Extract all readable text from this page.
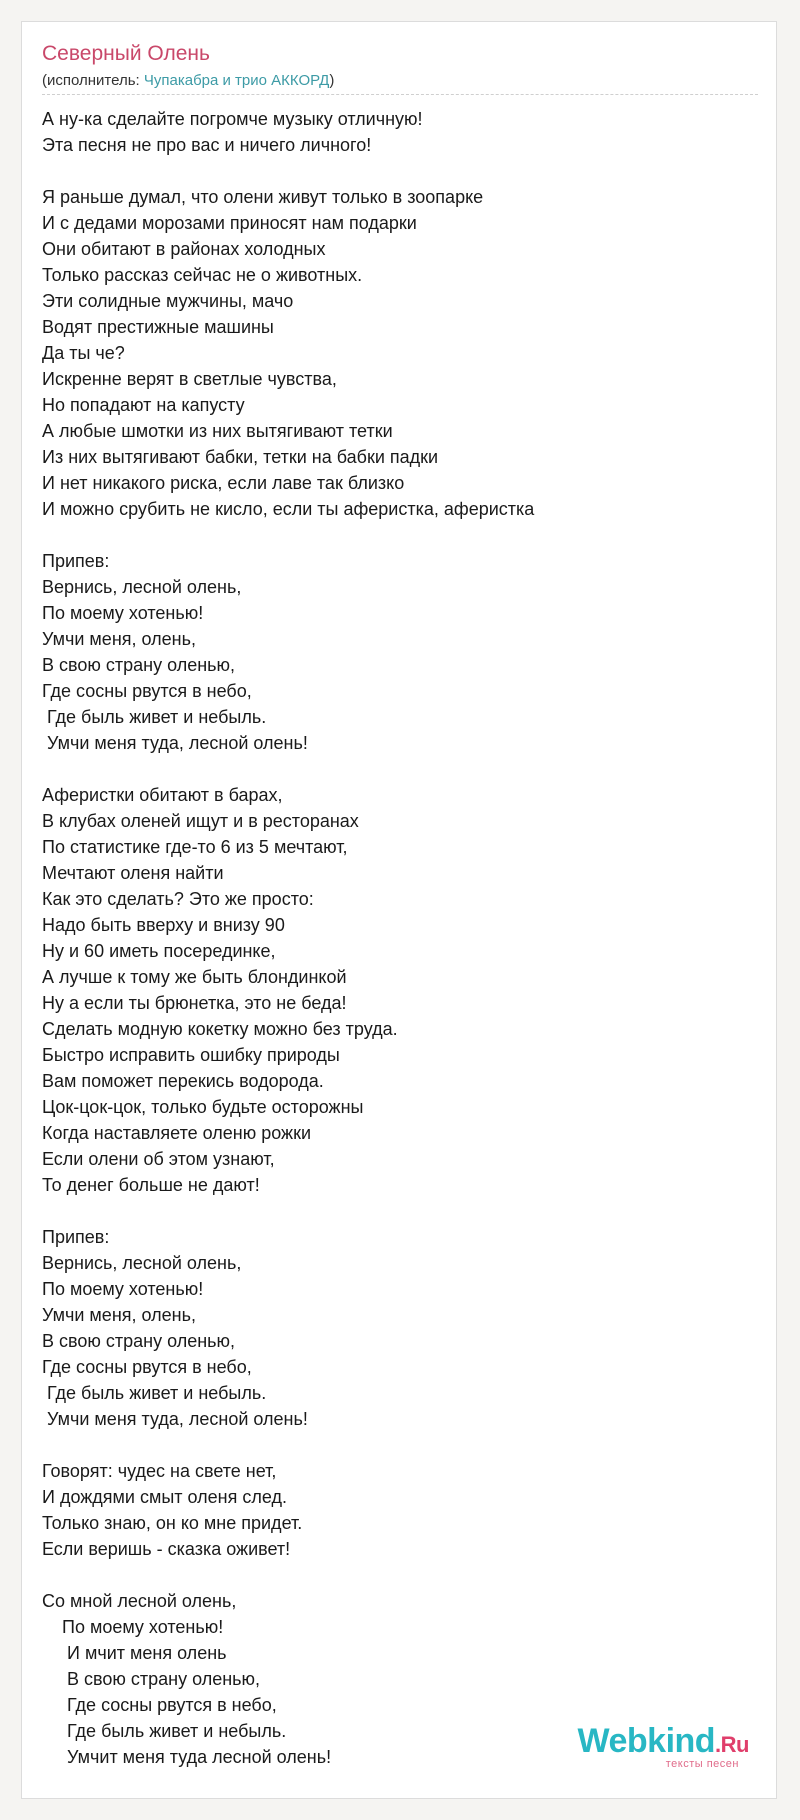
Северный Олень
(исполнитель: Чупакабра и трио АККОРД)
А ну-ка сделайте погромче музыку отличную!
Эта песня не про вас и ничего личного!
Я раньше думал, что олени живут только в зоопарке
И с дедами морозами приносят нам подарки
Они обитают в районах холодных
Только рассказ сейчас не о животных.
Эти солидные мужчины, мачо
Водят престижные машины
Да ты че?
Искренне верят в светлые чувства,
Но попадают на капусту
А любые шмотки из них вытягивают тетки
Из них вытягивают бабки, тетки на бабки падки
И нет никакого риска, если лаве так близко
И можно срубить не кисло, если ты аферистка, аферистка
Припев:
Вернись, лесной олень,
По моему хотенью!
Умчи меня, олень,
В свою страну оленью,
Где сосны рвутся в небо,
Где быль живет и небыль.
Умчи меня туда, лесной олень!
Аферистки обитают в барах,
В клубах оленей ищут и в ресторанах
По статистике где-то 6 из 5 мечтают,
Мечтают оленя найти
Как это сделать? Это же просто:
Надо быть вверху и внизу 90
Ну и 60 иметь посерединке,
А лучше к тому же быть блондинкой
Ну а если ты брюнетка, это не беда!
Сделать модную кокетку можно без труда.
Быстро исправить ошибку природы
Вам поможет перекись водорода.
Цок-цок-цок, только будьте осторожны
Когда наставляете оленю рожки
Если олени об этом узнают,
То денег больше не дают!
Припев:
Вернись, лесной олень,
По моему хотенью!
Умчи меня, олень,
В свою страну оленью,
Где сосны рвутся в небо,
Где быль живет и небыль.
Умчи меня туда, лесной олень!
Говорят: чудес на свете нет,
И дождями смыт оленя след.
Только знаю, он ко мне придет.
Если веришь - сказка оживет!
Со мной лесной олень,
По моему хотенью!
И мчит меня олень
В свою страну оленью,
Где сосны рвутся в небо,
Где быль живет и небыль.
Умчит меня туда лесной олень!	Webkind.Ru
тексты песен
